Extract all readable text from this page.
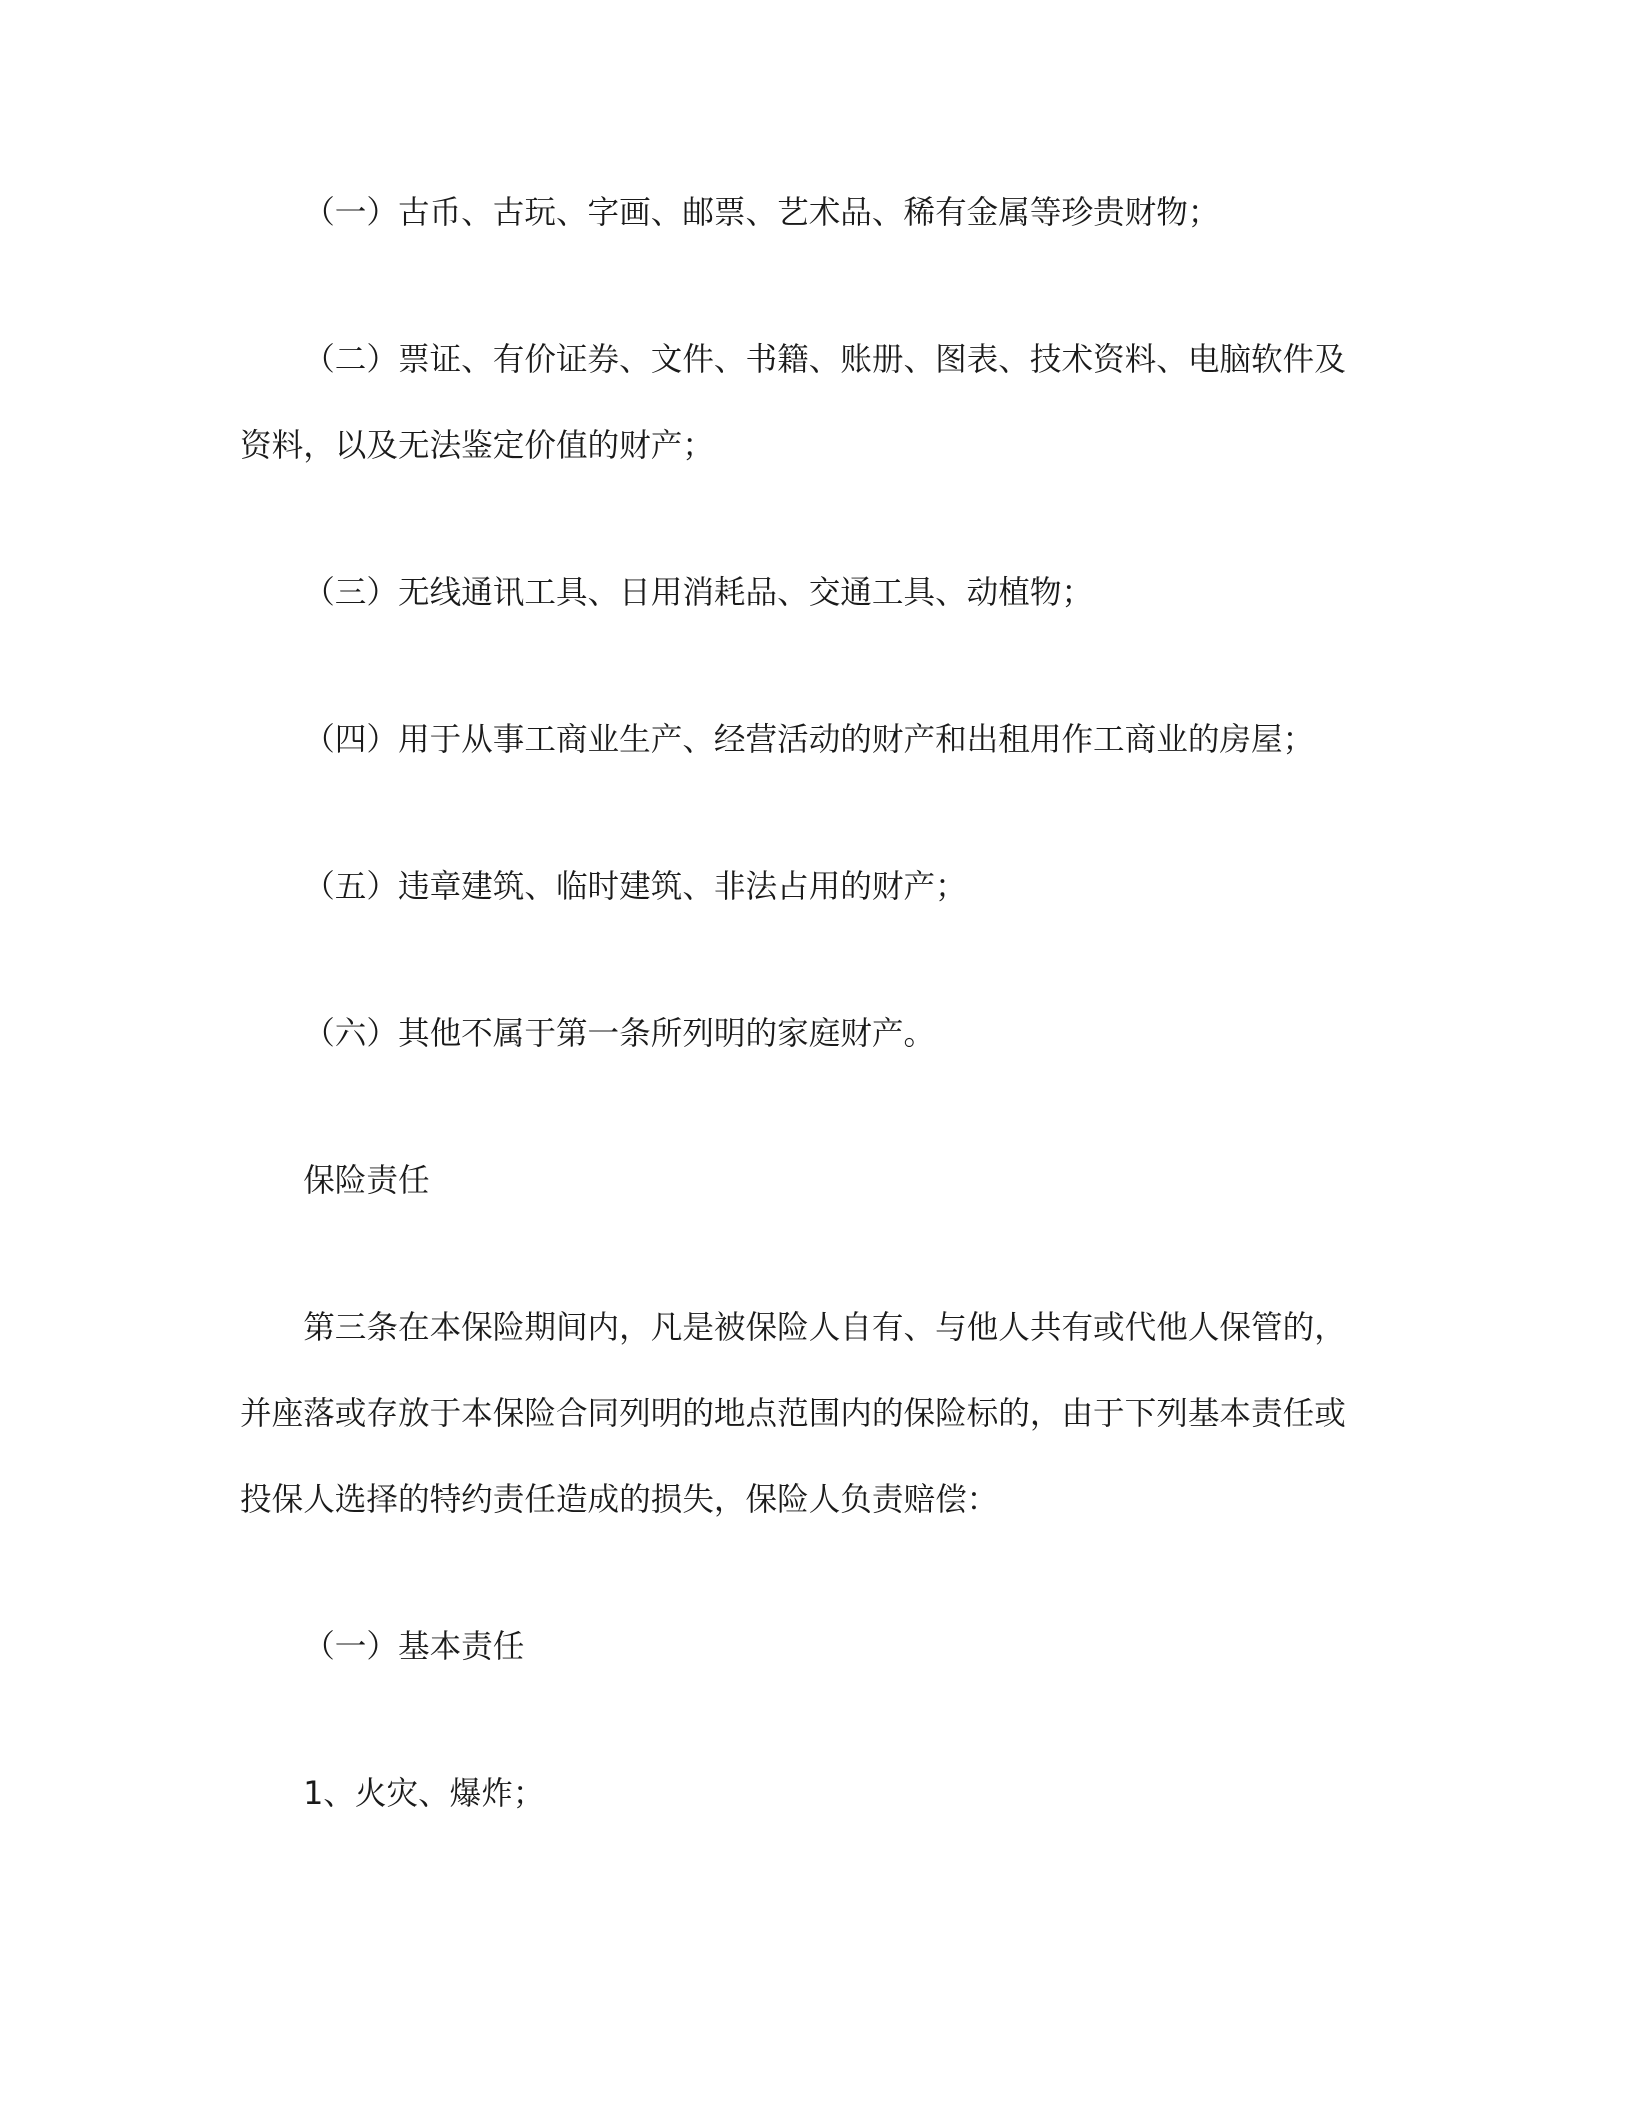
（一）古币、古玩、字画、邮票、艺术品、稀有金属等珍贵财物；

（二）票证、有价证券、文件、书籍、账册、图表、技术资料、电脑软件及
资料，以及无法鉴定价值的财产；

（三）无线通讯工具、日用消耗品、交通工具、动植物；

（四）用于从事工商业生产、经营活动的财产和出租用作工商业的房屋；

（五）违章建筑、临时建筑、非法占用的财产；

（六）其他不属于第一条所列明的家庭财产。

保险责任

第三条在本保险期间内，凡是被保险人自有、与他人共有或代他人保管的，
并座落或存放于本保险合同列明的地点范围内的保险标的，由于下列基本责任或
投保人选择的特约责任造成的损失，保险人负责赔偿：

（一）基本责任

1、火灾、爆炸；
